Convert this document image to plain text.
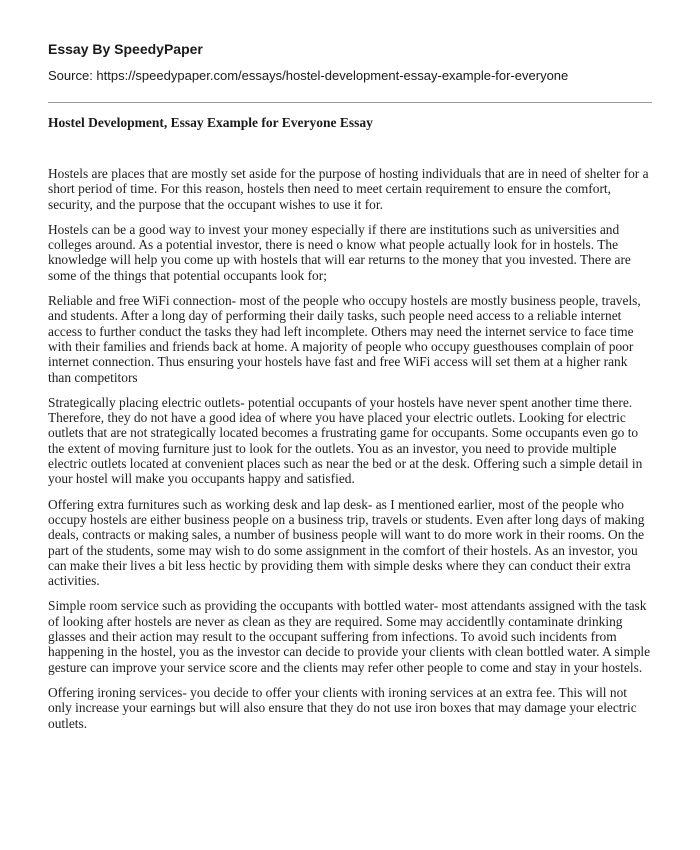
Essay By SpeedyPaper

Source: https://speedypaper.com/essays/hostel-development-essay-example-for-everyone

Hostel Development, Essay Example for Everyone Essay

Hostels are places that are mostly set aside for the purpose of hosting individuals that are in need of shelter for a short period of time. For this reason, hostels then need to meet certain requirement to ensure the comfort, security, and the purpose that the occupant wishes to use it for.

Hostels can be a good way to invest your money especially if there are institutions such as universities and colleges around. As a potential investor, there is need o know what people actually look for in hostels. The knowledge will help you come up with hostels that will ear returns to the money that you invested. There are some of the things that potential occupants look for;

Reliable and free WiFi connection- most of the people who occupy hostels are mostly business people, travels, and students. After a long day of performing their daily tasks, such people need access to a reliable internet access to further conduct the tasks they had left incomplete. Others may need the internet service to face time with their families and friends back at home. A majority of people who occupy guesthouses complain of poor internet connection. Thus ensuring your hostels have fast and free WiFi access will set them at a higher rank than competitors

Strategically placing electric outlets- potential occupants of your hostels have never spent another time there. Therefore, they do not have a good idea of where you have placed your electric outlets. Looking for electric outlets that are not strategically located becomes a frustrating game for occupants. Some occupants even go to the extent of moving furniture just to look for the outlets. You as an investor, you need to provide multiple electric outlets located at convenient places such as near the bed or at the desk. Offering such a simple detail in your hostel will make you occupants happy and satisfied.

Offering extra furnitures such as working desk and lap desk- as I mentioned earlier, most of the people who occupy hostels are either business people on a business trip, travels or students. Even after long days of making deals, contracts or making sales, a number of business people will want to do more work in their rooms. On the part of the students, some may wish to do some assignment in the comfort of their hostels. As an investor, you can make their lives a bit less hectic by providing them with simple desks where they can conduct their extra activities.

Simple room service such as providing the occupants with bottled water- most attendants assigned with the task of looking after hostels are never as clean as they are required. Some may accidentlly contaminate drinking glasses and their action may result to the occupant suffering from infections. To avoid such incidents from happening in the hostel, you as the investor can decide to provide your clients with clean bottled water. A simple gesture can improve your service score and the clients may refer other people to come and stay in your hostels.

Offering ironing services- you decide to offer your clients with ironing services at an extra fee. This will not only increase your earnings but will also ensure that they do not use iron boxes that may damage your electric outlets.
